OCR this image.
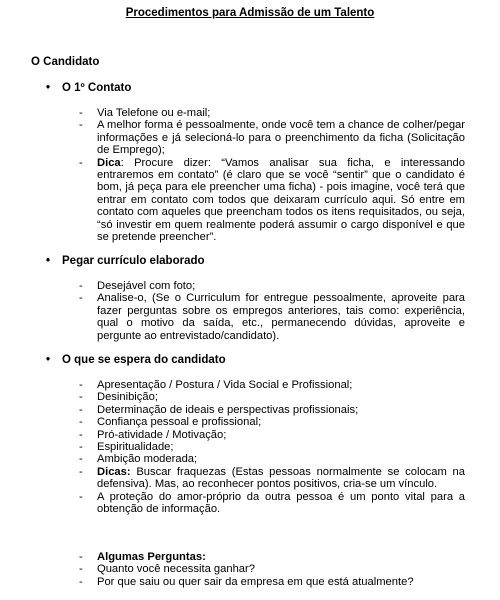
Procedimentos para Admissão de um Talento
O Candidato
• O 1º Contato
- Via Telefone ou e-mail;
- A melhor forma é pessoalmente, onde você tem a chance de colher/pegar informações e já selecioná-lo para o preenchimento da ficha (Solicitação de Emprego);
- Dica: Procure dizer: “Vamos analisar sua ficha, e interessando entraremos em contato” (é claro que se você “sentir” que o candidato é bom, já peça para ele preencher uma ficha) - pois imagine, você terá que entrar em contato com todos que deixaram currículo aqui. Só entre em contato com aqueles que preencham todos os itens requisitados, ou seja, “só investir em quem realmente poderá assumir o cargo disponível e que se pretende preencher”.
• Pegar currículo elaborado
- Desejável com foto;
- Analise-o, (Se o Curriculum for entregue pessoalmente, aproveite para fazer perguntas sobre os empregos anteriores, tais como: experiência, qual o motivo da saída, etc., permanecendo dúvidas, aproveite e pergunte ao entrevistado/candidato).
• O que se espera do candidato
- Apresentação / Postura / Vida Social e Profissional;
- Desinibição;
- Determinação de ideais e perspectivas profissionais;
- Confiança pessoal e profissional;
- Pró-atividade / Motivação;
- Espiritualidade;
- Ambição moderada;
- Dicas: Buscar fraquezas (Estas pessoas normalmente se colocam na defensiva). Mas, ao reconhecer pontos positivos, cria-se um vínculo.
- A proteção do amor-próprio da outra pessoa é um ponto vital para a obtenção de informação.
- Algumas Perguntas:
- Quanto você necessita ganhar?
- Por que saiu ou quer sair da empresa em que está atualmente?
